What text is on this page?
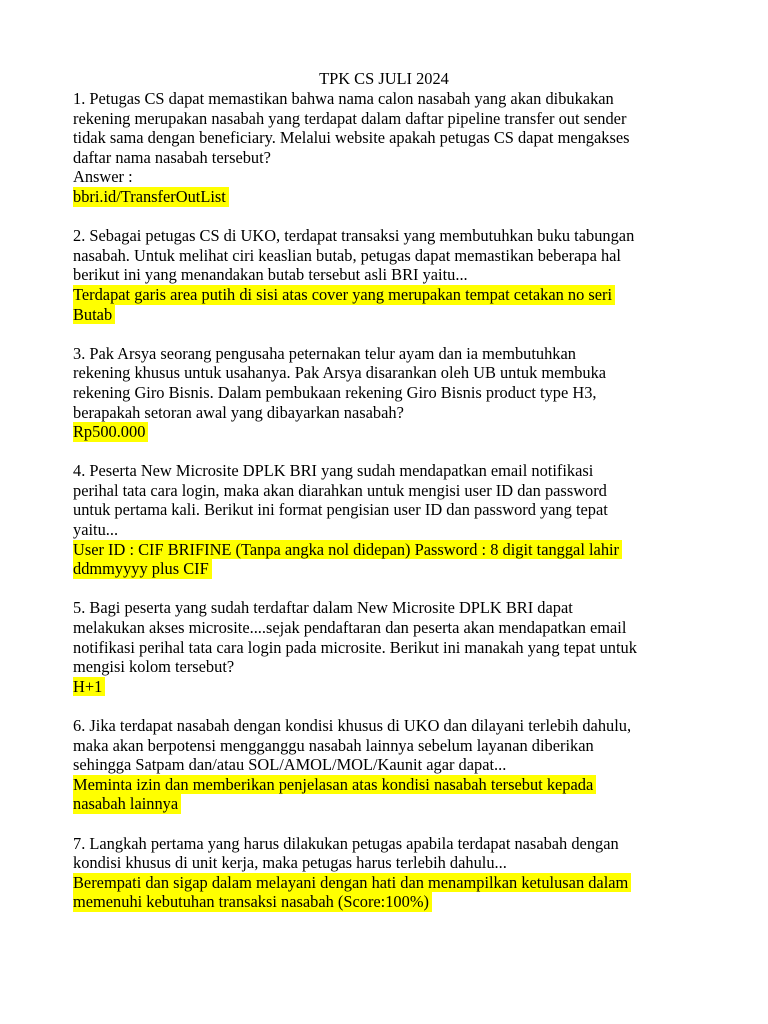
TPK CS JULI 2024
1. Petugas CS dapat memastikan bahwa nama calon nasabah yang akan dibukakan
rekening merupakan nasabah yang terdapat dalam daftar pipeline transfer out sender
tidak sama dengan beneficiary. Melalui website apakah petugas CS dapat mengakses
daftar nama nasabah tersebut?
Answer :
bbri.id/TransferOutList
2. Sebagai petugas CS di UKO, terdapat transaksi yang membutuhkan buku tabungan
nasabah. Untuk melihat ciri keaslian butab, petugas dapat memastikan beberapa hal
berikut ini yang menandakan butab tersebut asli BRI yaitu...
Terdapat garis area putih di sisi atas cover yang merupakan tempat cetakan no seri
Butab
3. Pak Arsya seorang pengusaha peternakan telur ayam dan ia membutuhkan
rekening khusus untuk usahanya. Pak Arsya disarankan oleh UB untuk membuka
rekening Giro Bisnis. Dalam pembukaan rekening Giro Bisnis product type H3,
berapakah setoran awal yang dibayarkan nasabah?
Rp500.000
4. Peserta New Microsite DPLK BRI yang sudah mendapatkan email notifikasi
perihal tata cara login, maka akan diarahkan untuk mengisi user ID dan password
untuk pertama kali. Berikut ini format pengisian user ID dan password yang tepat
yaitu...
User ID : CIF BRIFINE (Tanpa angka nol didepan) Password : 8 digit tanggal lahir
ddmmyyyy plus CIF
5. Bagi peserta yang sudah terdaftar dalam New Microsite DPLK BRI dapat
melakukan akses microsite....sejak pendaftaran dan peserta akan mendapatkan email
notifikasi perihal tata cara login pada microsite. Berikut ini manakah yang tepat untuk
mengisi kolom tersebut?
H+1
6. Jika terdapat nasabah dengan kondisi khusus di UKO dan dilayani terlebih dahulu,
maka akan berpotensi mengganggu nasabah lainnya sebelum layanan diberikan
sehingga Satpam dan/atau SOL/AMOL/MOL/Kaunit agar dapat...
Meminta izin dan memberikan penjelasan atas kondisi nasabah tersebut kepada
nasabah lainnya
7. Langkah pertama yang harus dilakukan petugas apabila terdapat nasabah dengan
kondisi khusus di unit kerja, maka petugas harus terlebih dahulu...
Berempati dan sigap dalam melayani dengan hati dan menampilkan ketulusan dalam
memenuhi kebutuhan transaksi nasabah (Score:100%)
